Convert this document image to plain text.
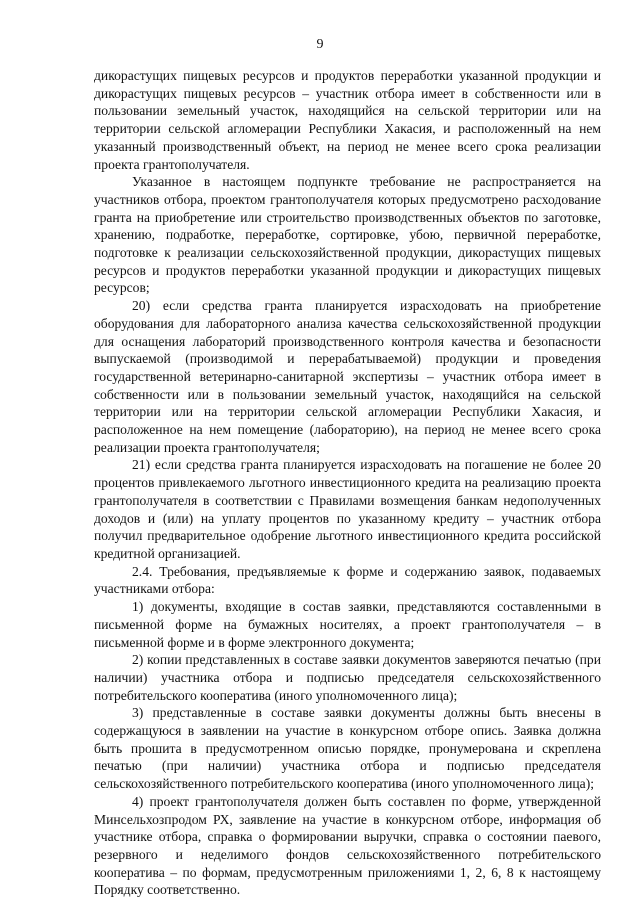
9

дикорастущих пищевых ресурсов и продуктов переработки указанной продукции и дикорастущих пищевых ресурсов – участник отбора имеет в собственности или в пользовании земельный участок, находящийся на сельской территории или на территории сельской агломерации Республики Хакасия, и расположенный на нем указанный производственный объект, на период не менее всего срока реализации проекта грантополучателя.

Указанное в настоящем подпункте требование не распространяется на участников отбора, проектом грантополучателя которых предусмотрено расходование гранта на приобретение или строительство производственных объектов по заготовке, хранению, подработке, переработке, сортировке, убою, первичной переработке, подготовке к реализации сельскохозяйственной продукции, дикорастущих пищевых ресурсов и продуктов переработки указанной продукции и дикорастущих пищевых ресурсов;

20) если средства гранта планируется израсходовать на приобретение оборудования для лабораторного анализа качества сельскохозяйственной продукции для оснащения лабораторий производственного контроля качества и безопасности выпускаемой (производимой и перерабатываемой) продукции и проведения государственной ветеринарно-санитарной экспертизы – участник отбора имеет в собственности или в пользовании земельный участок, находящийся на сельской территории или на территории сельской агломерации Республики Хакасия, и расположенное на нем помещение (лабораторию), на период не менее всего срока реализации проекта грантополучателя;

21) если средства гранта планируется израсходовать на погашение не более 20 процентов привлекаемого льготного инвестиционного кредита на реализацию проекта грантополучателя в соответствии с Правилами возмещения банкам недополученных доходов и (или) на уплату процентов по указанному кредиту – участник отбора получил предварительное одобрение льготного инвестиционного кредита российской кредитной организацией.

2.4. Требования, предъявляемые к форме и содержанию заявок, подаваемых участниками отбора:

1) документы, входящие в состав заявки, представляются составленными в письменной форме на бумажных носителях, а проект грантополучателя – в письменной форме и в форме электронного документа;

2) копии представленных в составе заявки документов заверяются печатью (при наличии) участника отбора и подписью председателя сельскохозяйственного потребительского кооператива (иного уполномоченного лица);

3) представленные в составе заявки документы должны быть внесены в содержащуюся в заявлении на участие в конкурсном отборе опись. Заявка должна быть прошита в предусмотренном описью порядке, пронумерована и скреплена печатью (при наличии) участника отбора и подписью председателя сельскохозяйственного потребительского кооператива (иного уполномоченного лица);

4) проект грантополучателя должен быть составлен по форме, утвержденной Минсельхозпродом РХ, заявление на участие в конкурсном отборе, информация об участнике отбора, справка о формировании выручки, справка о состоянии паевого, резервного и неделимого фондов сельскохозяйственного потребительского кооператива – по формам, предусмотренным приложениями 1, 2, 6, 8 к настоящему Порядку соответственно.
